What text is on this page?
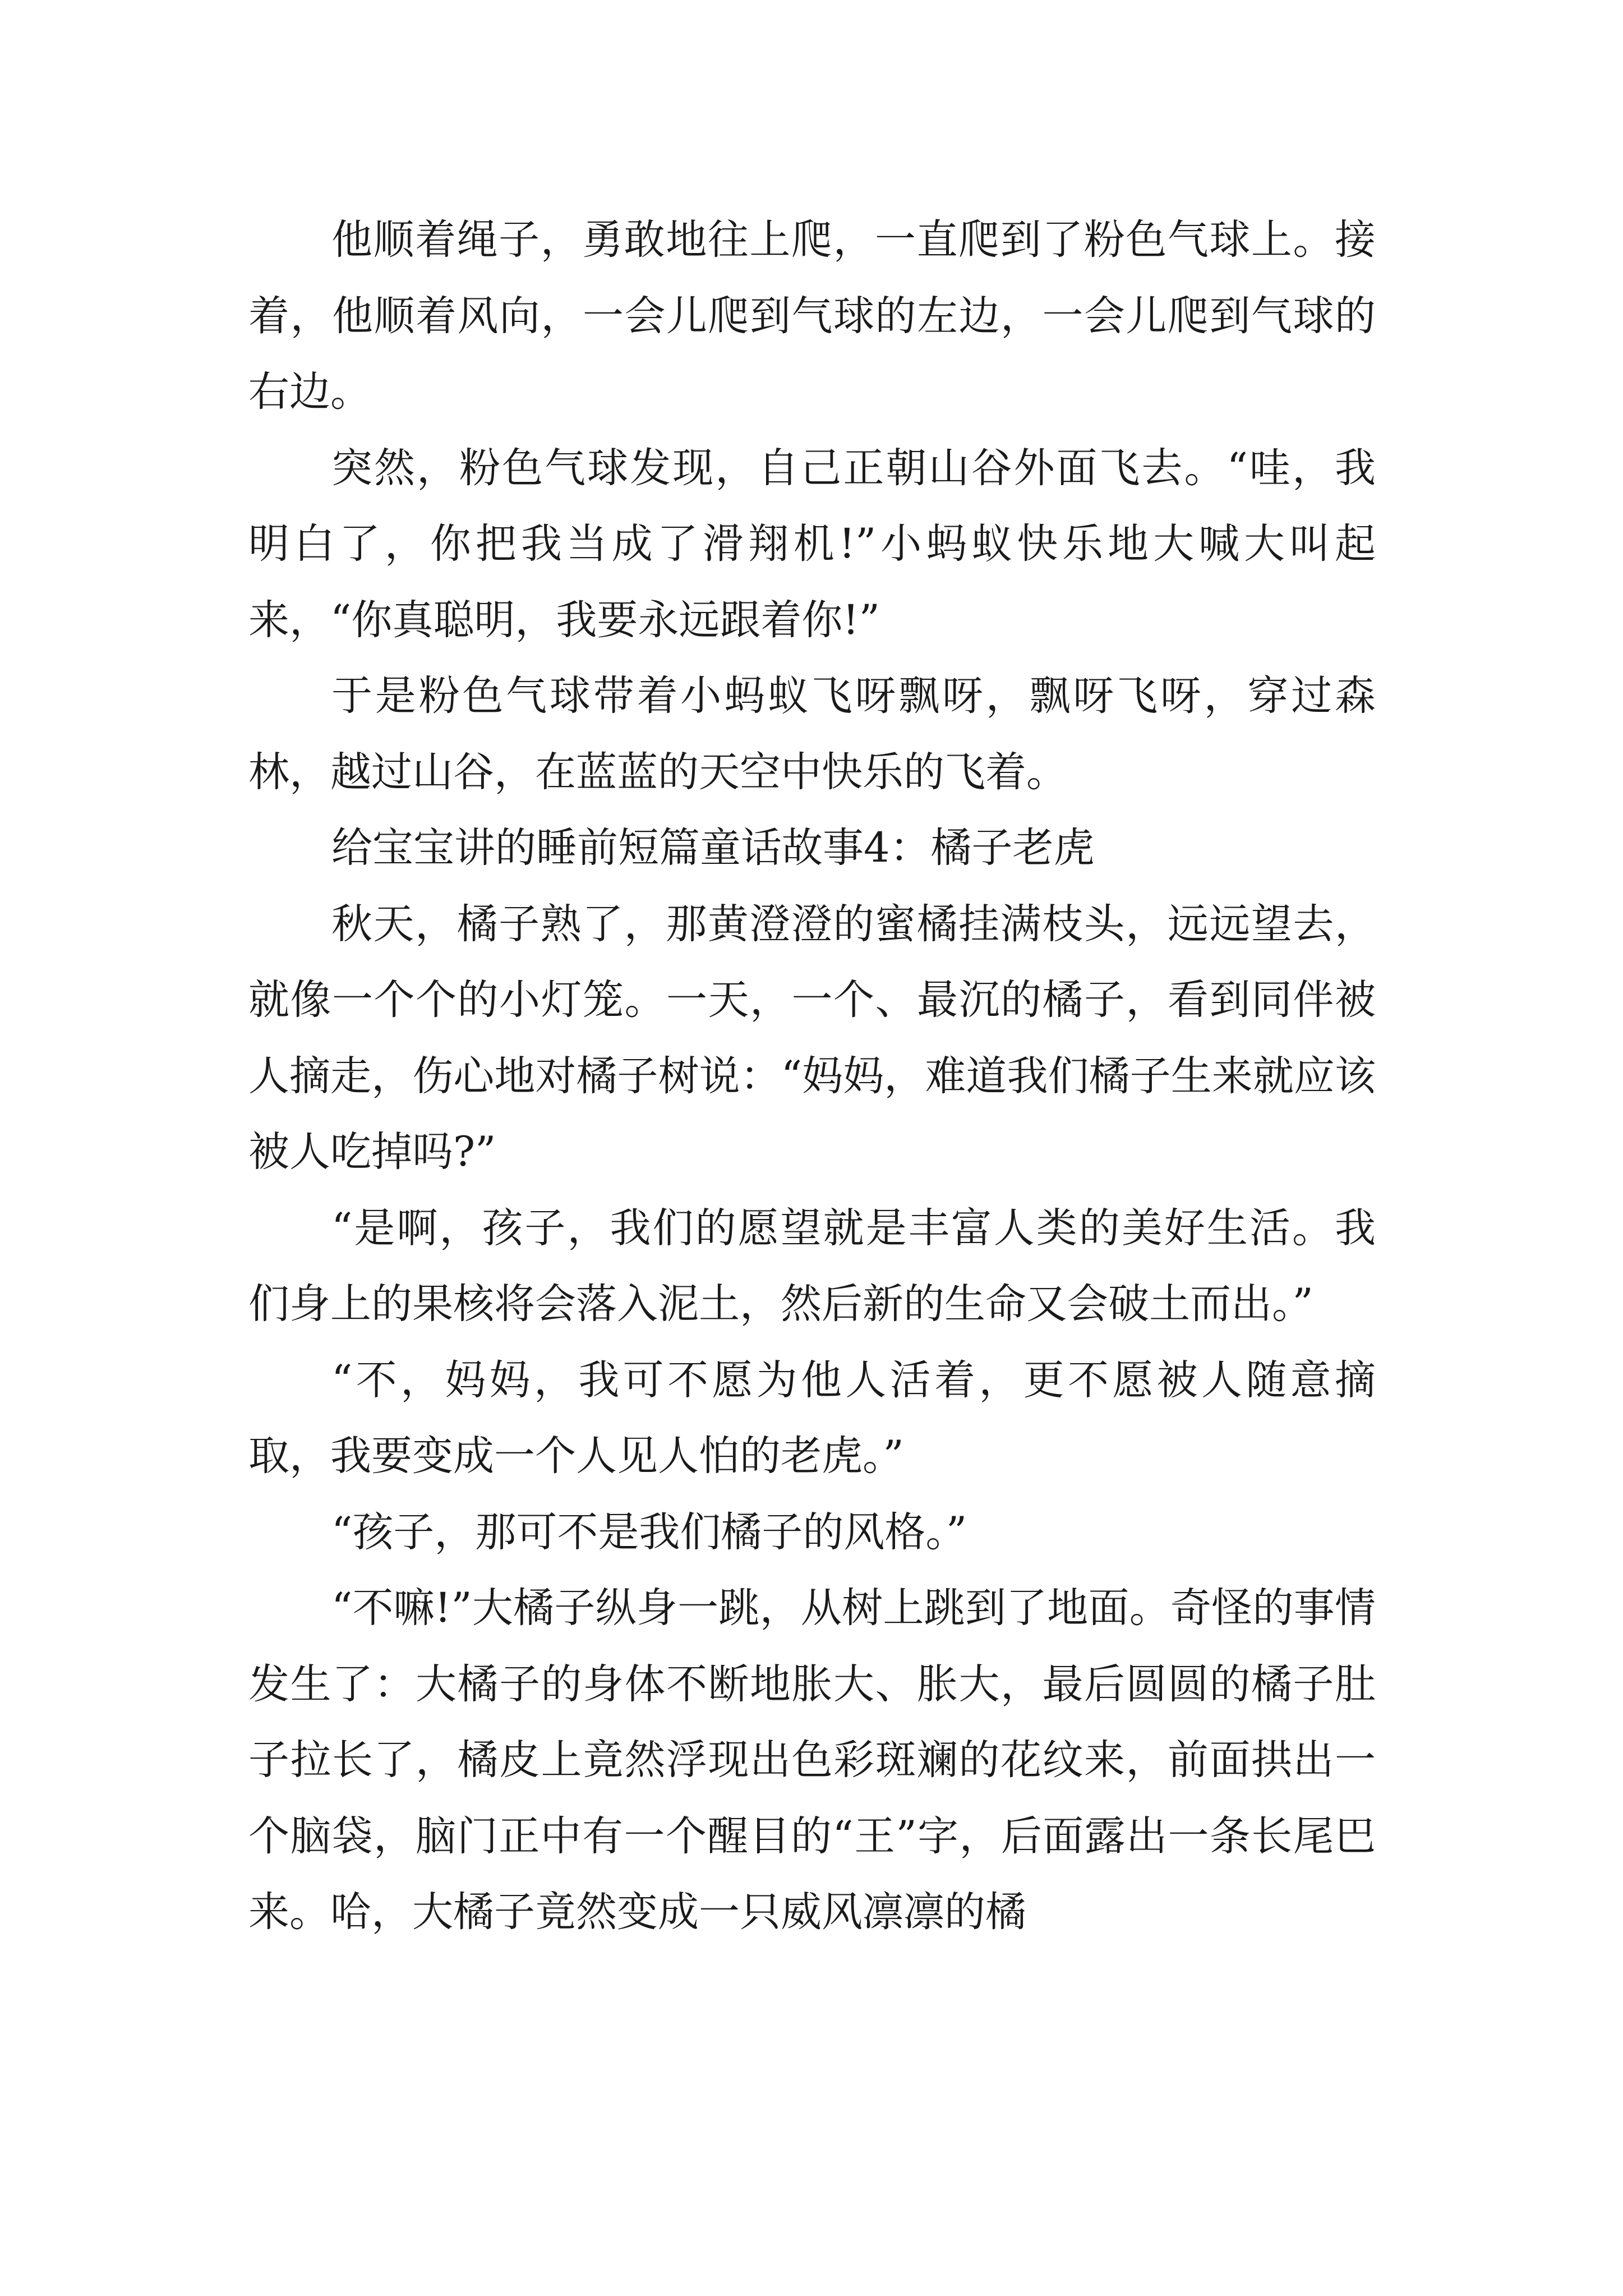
他顺着绳子，勇敢地往上爬，一直爬到了粉色气球上。接着，他顺着风向，一会儿爬到气球的左边，一会儿爬到气球的右边。

突然，粉色气球发现，自己正朝山谷外面飞去。“哇，我明白了，你把我当成了滑翔机!”小蚂蚁快乐地大喊大叫起来，“你真聪明，我要永远跟着你!”

于是粉色气球带着小蚂蚁飞呀飘呀，飘呀飞呀，穿过森林，越过山谷，在蓝蓝的天空中快乐的飞着。

给宝宝讲的睡前短篇童话故事4：橘子老虎

秋天，橘子熟了，那黄澄澄的蜜橘挂满枝头，远远望去，就像一个个的小灯笼。一天，一个、最沉的橘子，看到同伴被人摘走，伤心地对橘子树说：“妈妈，难道我们橘子生来就应该被人吃掉吗?”

“是啊，孩子，我们的愿望就是丰富人类的美好生活。我们身上的果核将会落入泥土，然后新的生命又会破土而出。”

“不，妈妈，我可不愿为他人活着，更不愿被人随意摘取，我要变成一个人见人怕的老虎。”

“孩子，那可不是我们橘子的风格。”

“不嘛!”大橘子纵身一跳，从树上跳到了地面。奇怪的事情发生了：大橘子的身体不断地胀大、胀大，最后圆圆的橘子肚子拉长了，橘皮上竟然浮现出色彩斑斓的花纹来，前面拱出一个脑袋，脑门正中有一个醒目的“王”字，后面露出一条长尾巴来。哈，大橘子竟然变成一只威风凛凛的橘
